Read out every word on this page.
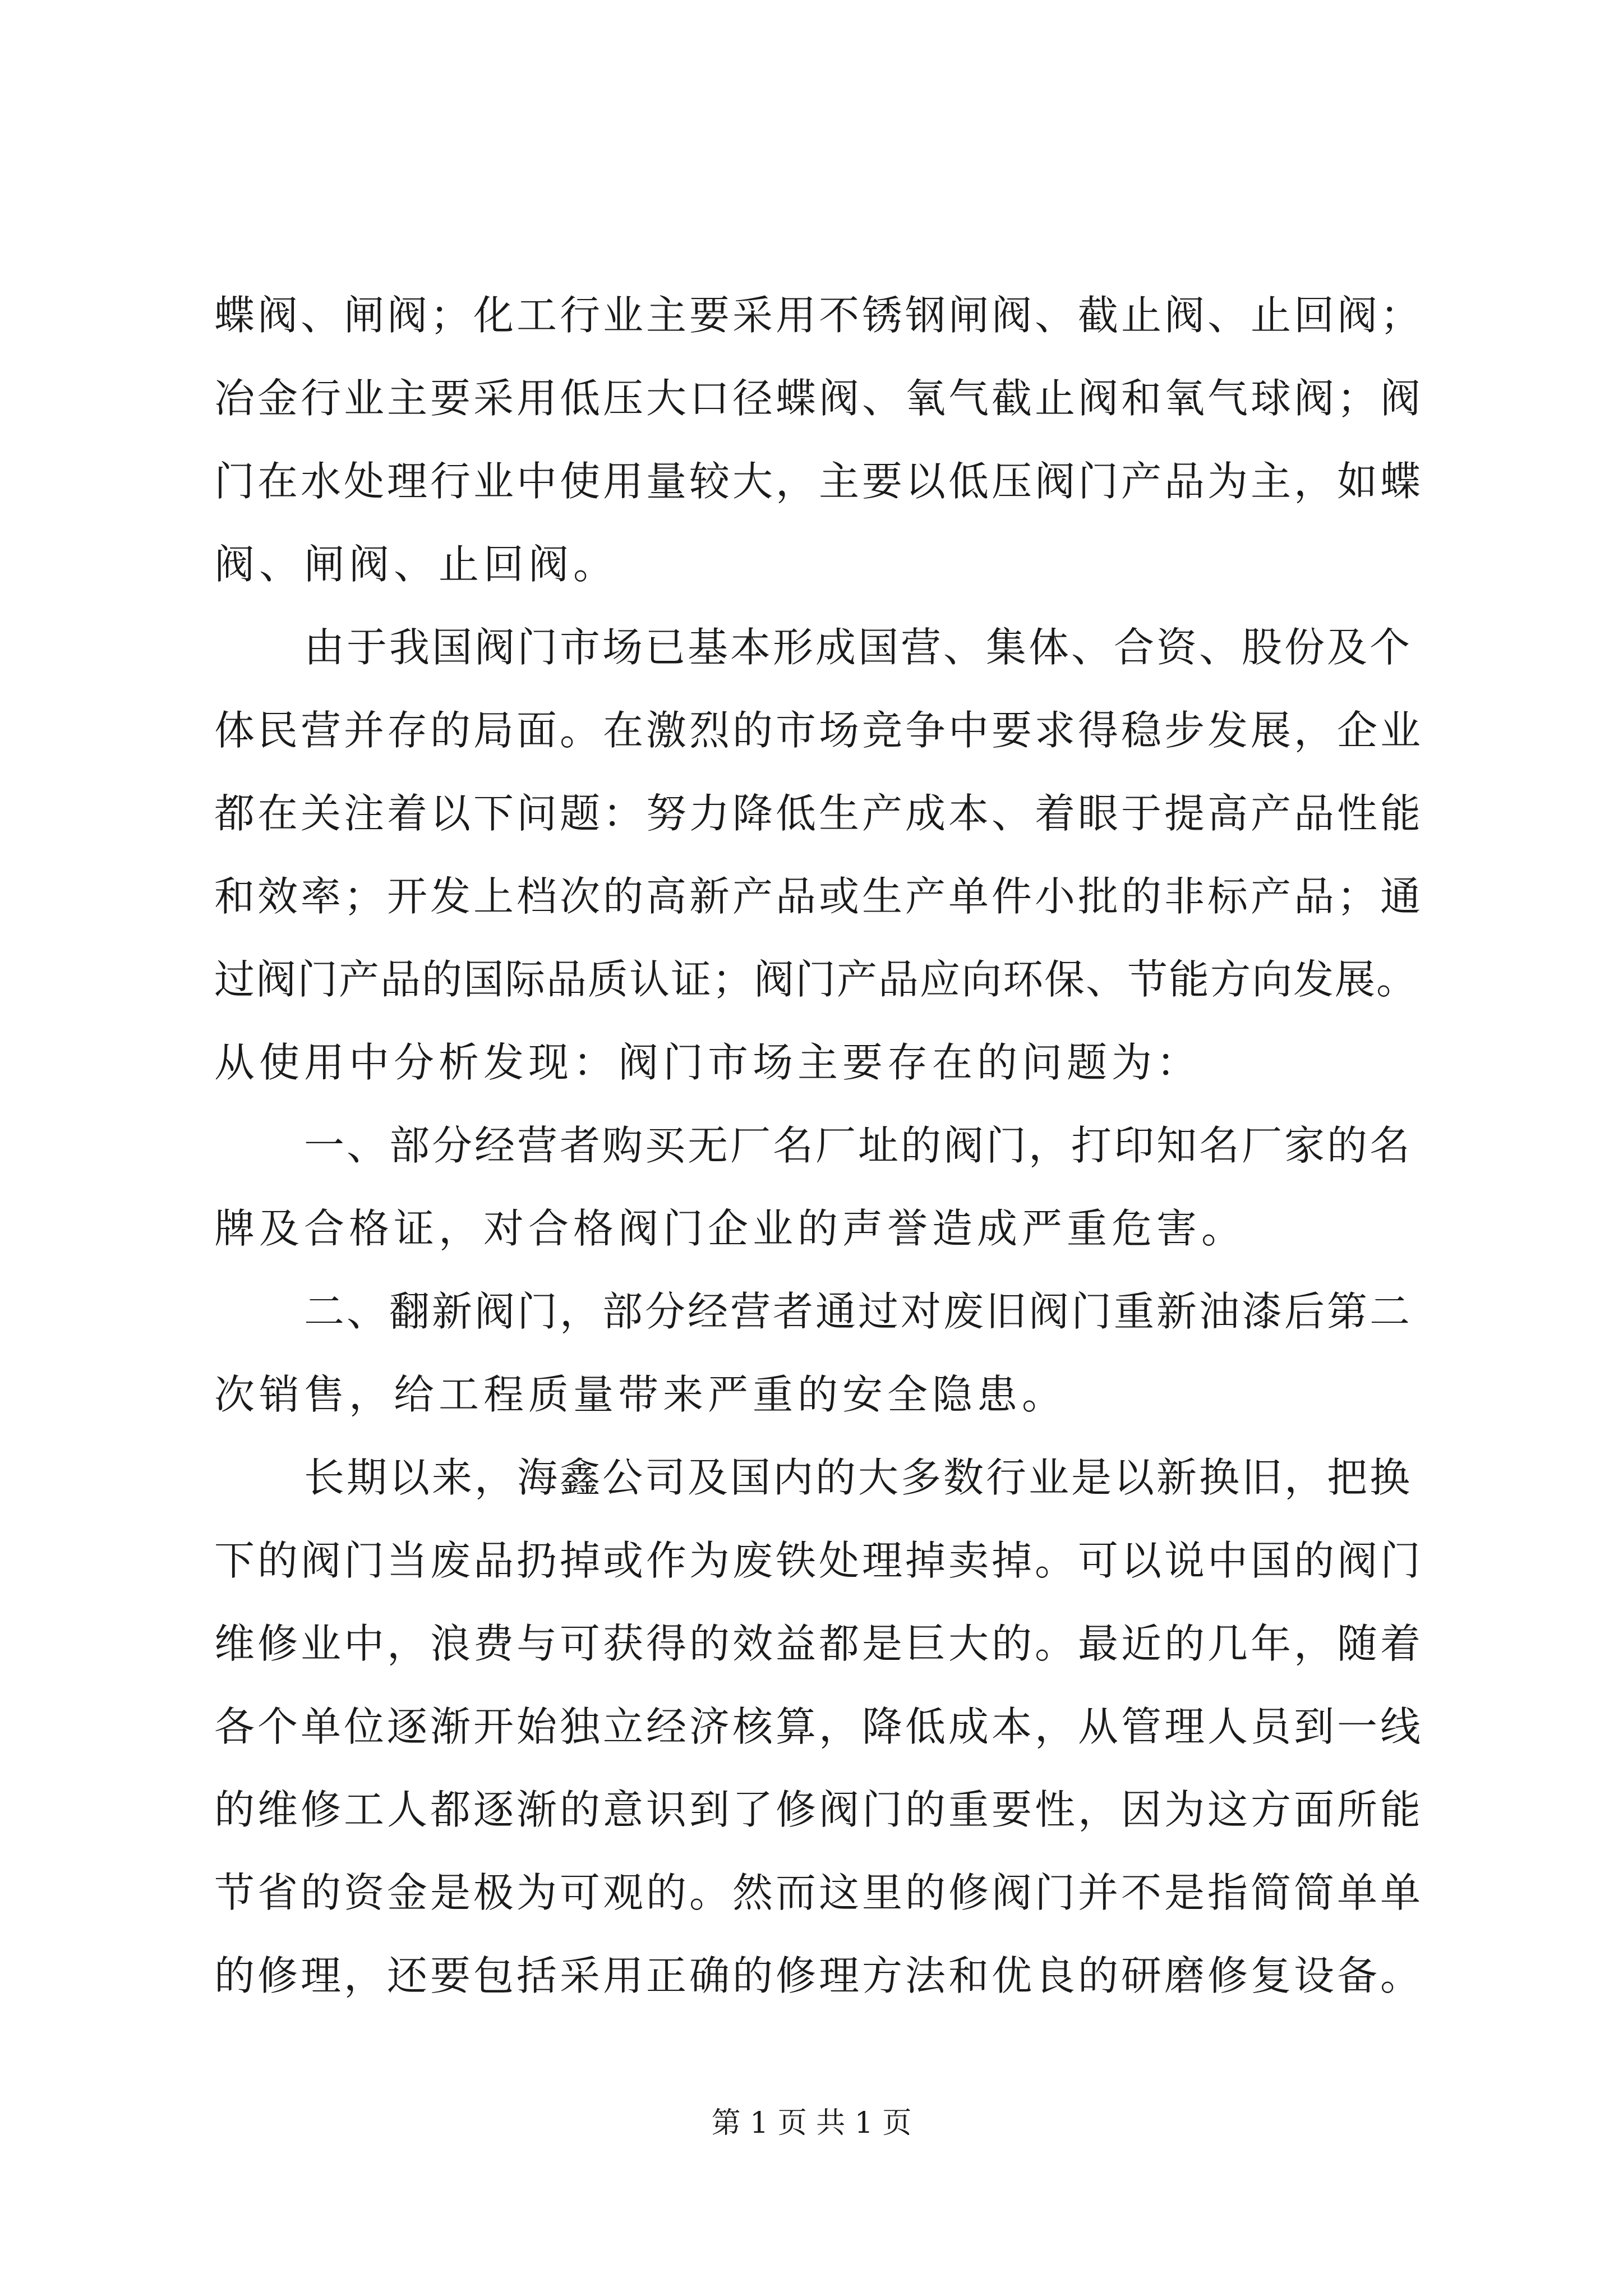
蝶阀、闸阀；化工行业主要采用不锈钢闸阀、截止阀、止回阀；
冶金行业主要采用低压大口径蝶阀、氧气截止阀和氧气球阀；阀
门在水处理行业中使用量较大，主要以低压阀门产品为主，如蝶
阀、闸阀、止回阀。
由于我国阀门市场已基本形成国营、集体、合资、股份及个
体民营并存的局面。在激烈的市场竞争中要求得稳步发展，企业
都在关注着以下问题：努力降低生产成本、着眼于提高产品性能
和效率；开发上档次的高新产品或生产单件小批的非标产品；通
过阀门产品的国际品质认证；阀门产品应向环保、节能方向发展。
从使用中分析发现：阀门市场主要存在的问题为：
一、部分经营者购买无厂名厂址的阀门，打印知名厂家的名
牌及合格证，对合格阀门企业的声誉造成严重危害。
二、翻新阀门，部分经营者通过对废旧阀门重新油漆后第二
次销售，给工程质量带来严重的安全隐患。
长期以来，海鑫公司及国内的大多数行业是以新换旧，把换
下的阀门当废品扔掉或作为废铁处理掉卖掉。可以说中国的阀门
维修业中，浪费与可获得的效益都是巨大的。最近的几年，随着
各个单位逐渐开始独立经济核算，降低成本，从管理人员到一线
的维修工人都逐渐的意识到了修阀门的重要性，因为这方面所能
节省的资金是极为可观的。然而这里的修阀门并不是指简简单单
的修理，还要包括采用正确的修理方法和优良的研磨修复设备。
第 1 页 共 1 页
